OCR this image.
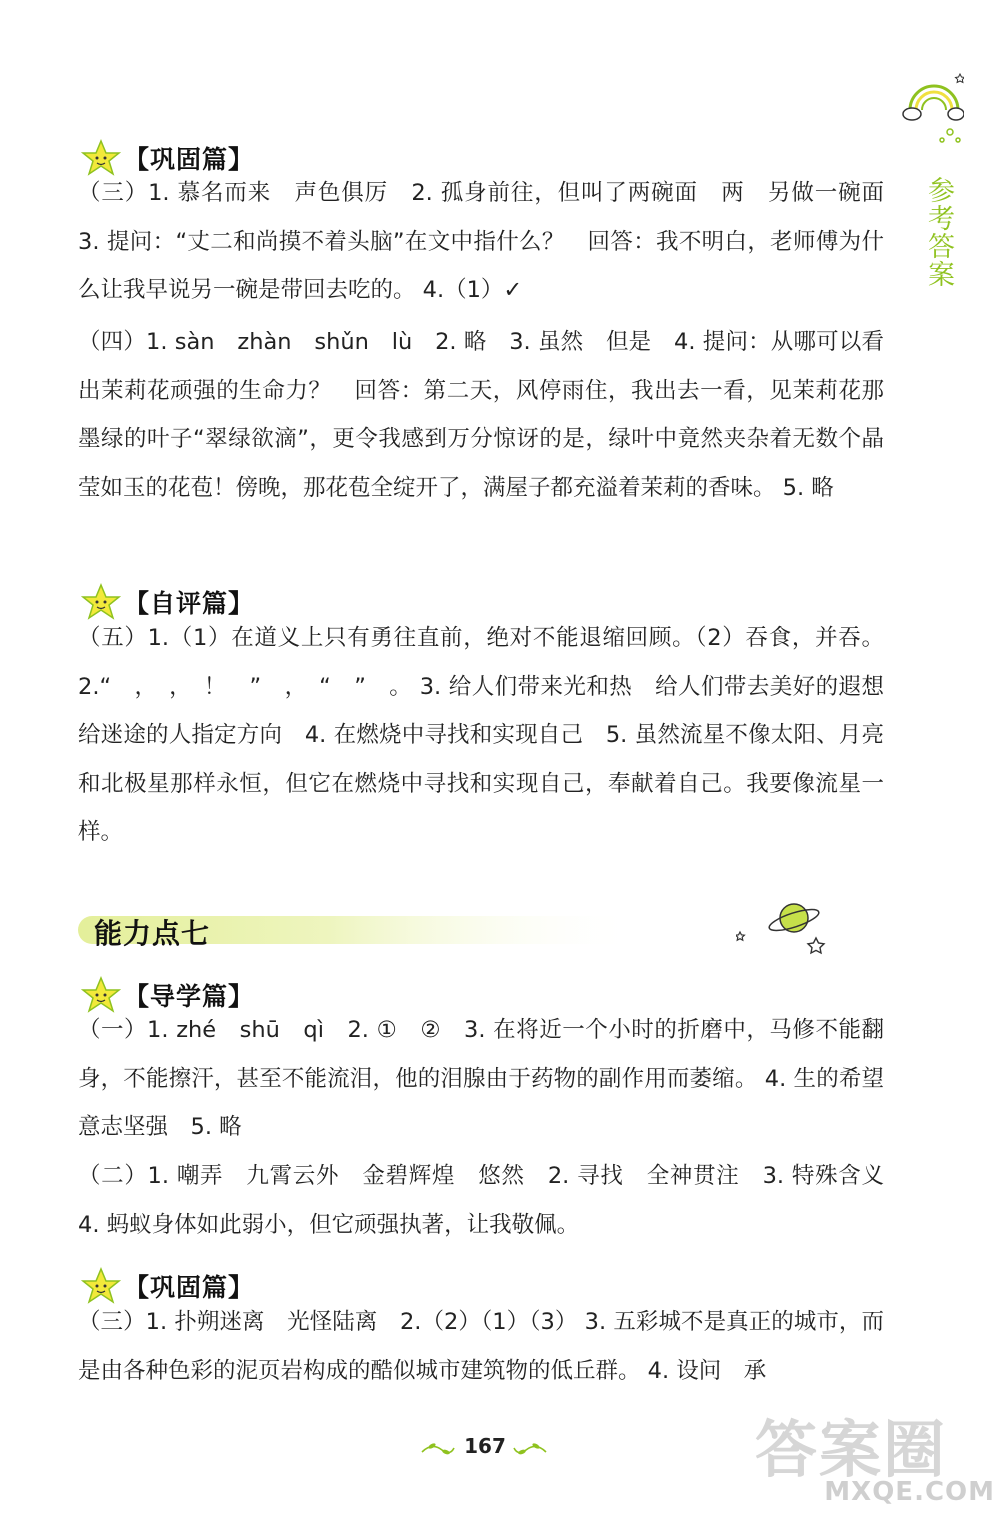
参考答案
【巩固篇】

（三）1. 慕名而来　声色俱厉　2. 孤身前往，但叫了两碗面　两　另做一碗面　3. 提问：“丈二和尚摸不着头脑”在文中指什么？　回答：我不明白，老师傅为什么让我早说另一碗是带回去吃的。 4.（1）✓

（四）1. sàn　zhàn　shǔn　lù　2. 略　3. 虽然　但是　4. 提问：从哪可以看出茉莉花顽强的生命力？　回答：第二天，风停雨住，我出去一看，见茉莉花那墨绿的叶子“翠绿欲滴”，更令我感到万分惊讶的是，绿叶中竟然夹杂着无数个晶莹如玉的花苞！傍晚，那花苞全绽开了，满屋子都充溢着茉莉的香味。 5. 略

【自评篇】

（五）1.（1）在道义上只有勇往直前，绝对不能退缩回顾。（2）吞食，并吞。 2.“　，　，　！　”　，　“　”　。 3. 给人们带来光和热　给人们带去美好的遐想　给迷途的人指定方向　4. 在燃烧中寻找和实现自己　5. 虽然流星不像太阳、月亮和北极星那样永恒，但它在燃烧中寻找和实现自己，奉献着自己。我要像流星一样。

能力点七
【导学篇】

（一）1. zhé　shū　qì　2. ①　②　3. 在将近一个小时的折磨中，马修不能翻身，不能擦汗，甚至不能流泪，他的泪腺由于药物的副作用而萎缩。 4. 生的希望　意志坚强　5. 略

（二）1. 嘲弄　九霄云外　金碧辉煌　悠然　2. 寻找　全神贯注　3. 特殊含义　4. 蚂蚁身体如此弱小，但它顽强执著，让我敬佩。

【巩固篇】

（三）1. 扑朔迷离　光怪陆离　2.（2）（1）（3） 3. 五彩城不是真正的城市，而是由各种色彩的泥页岩构成的酷似城市建筑物的低丘群。 4. 设问　承

167	答案圈
MXQE.COM
